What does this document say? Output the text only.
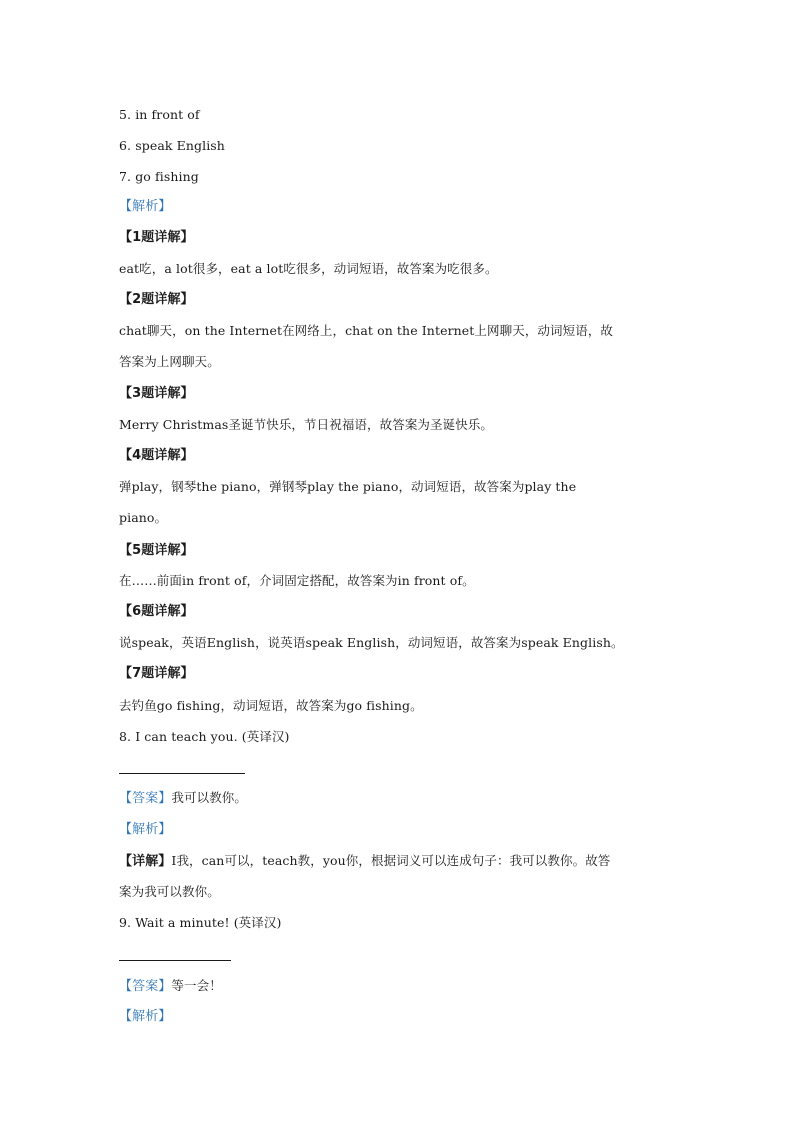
5. in front of
6. speak English
7. go fishing
【解析】
【1题详解】
eat吃，a lot很多，eat a lot吃很多，动词短语，故答案为吃很多。
【2题详解】
chat聊天，on the Internet在网络上，chat on the Internet上网聊天，动词短语，故
答案为上网聊天。
【3题详解】
Merry Christmas圣诞节快乐，节日祝福语，故答案为圣诞快乐。
【4题详解】
弹play，钢琴the piano，弹钢琴play the piano，动词短语，故答案为play the
piano。
【5题详解】
在……前面in front of，介词固定搭配，故答案为in front of。
【6题详解】
说speak，英语English，说英语speak English，动词短语，故答案为speak English。
【7题详解】
去钓鱼go fishing，动词短语，故答案为go fishing。
8. I can teach you. (英译汉)
【答案】我可以教你。
【解析】
【详解】I我，can可以，teach教，you你，根据词义可以连成句子：我可以教你。故答
案为我可以教你。
9. Wait a minute! (英译汉)
【答案】等一会！
【解析】
